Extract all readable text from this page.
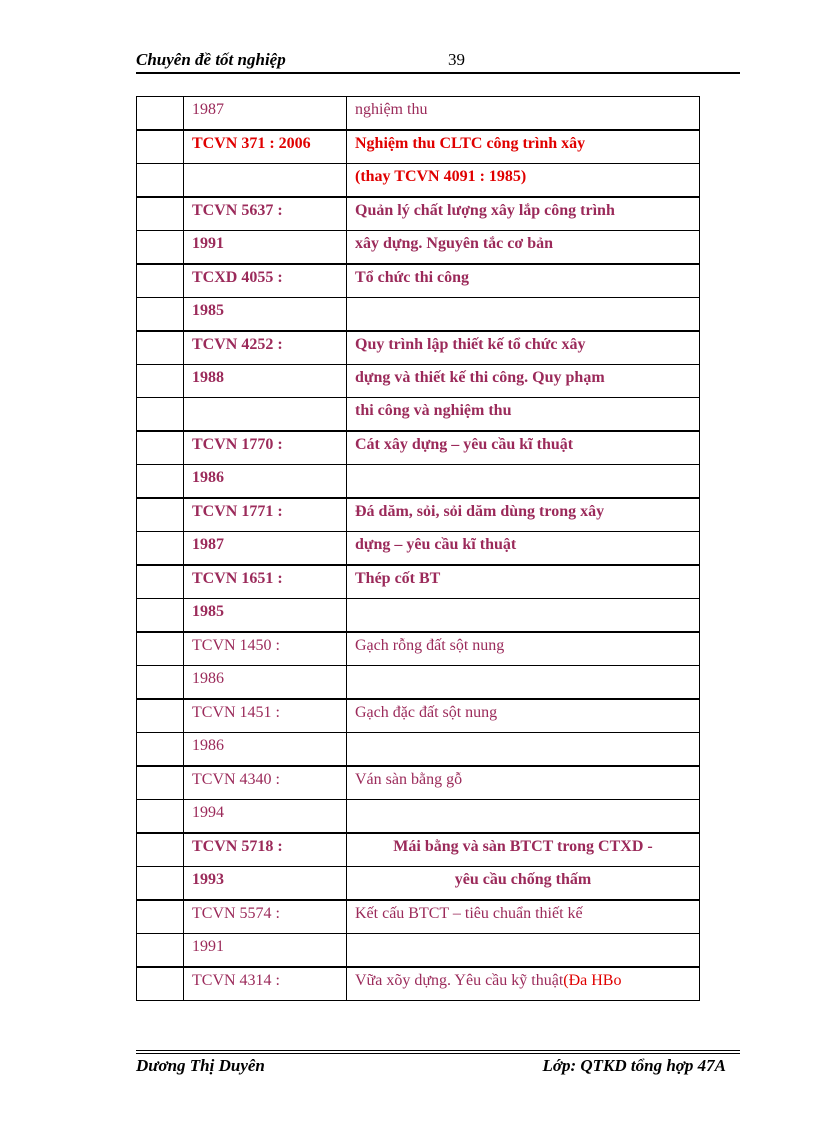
Chuyên đề tốt nghiệp	39
	1987	nghiệm thu
	TCVN 371 : 2006	Nghiệm thu CLTC công trình xây
		(thay TCVN 4091 : 1985)
	TCVN 5637 :	Quản lý chất lượng xây lắp công trình
	1991	xây dựng. Nguyên tắc cơ bản
	TCXD 4055 :	Tổ chức thi công
	1985	
	TCVN 4252 :	Quy trình lập thiết kế tổ chức xây
	1988	dựng và thiết kế thi công. Quy phạm
		thi công và nghiệm thu
	TCVN 1770 :	Cát xây dựng – yêu cầu kĩ thuật
	1986	
	TCVN 1771 :	Đá dăm, sỏi, sỏi dăm dùng trong xây
	1987	dựng – yêu cầu kĩ thuật
	TCVN 1651 :	Thép cốt BT
	1985	
	TCVN 1450 :	Gạch rỗng đất sột nung
	1986	
	TCVN 1451 :	Gạch đặc đất sột nung
	1986	
	TCVN 4340 :	Ván sàn bằng gỗ
	1994	
	TCVN 5718 :	Mái bằng và sàn BTCT trong CTXD -
	1993	yêu cầu chống thấm
	TCVN 5574 :	Kết cấu BTCT – tiêu chuẩn thiết kế
	1991	
	TCVN 4314 :	Vữa xõy dựng. Yêu cầu kỹ thuật(Đa HBo
Dương Thị Duyên	Lớp: QTKD tổng hợp 47A
